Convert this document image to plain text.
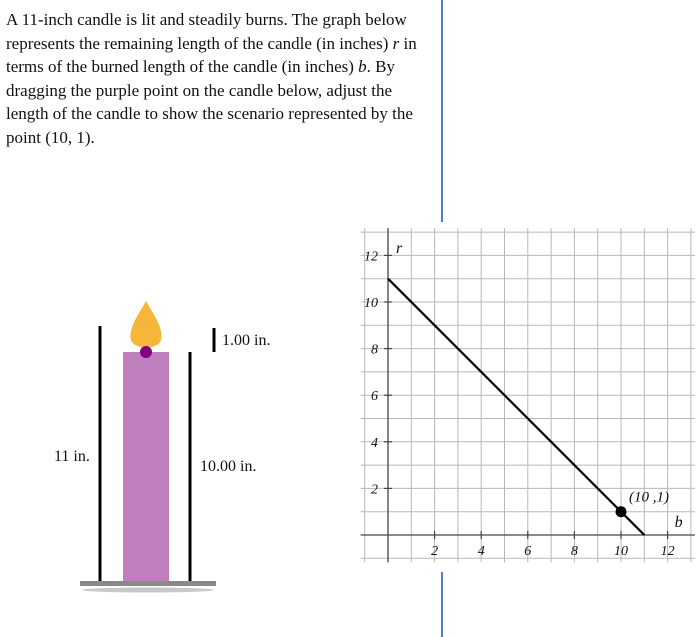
A 11-inch candle is lit and steadily burns. The graph below represents the remaining length of the candle (in inches) r in terms of the burned length of the candle (in inches) b. By dragging the purple point on the candle below, adjust the length of the candle to show the scenario represented by the point (10, 1).
11 in.
1.00 in.
10.00 in.
2	4	6	8	10 12
2
4
6
8
10
12
(10 ,1)
b
r
